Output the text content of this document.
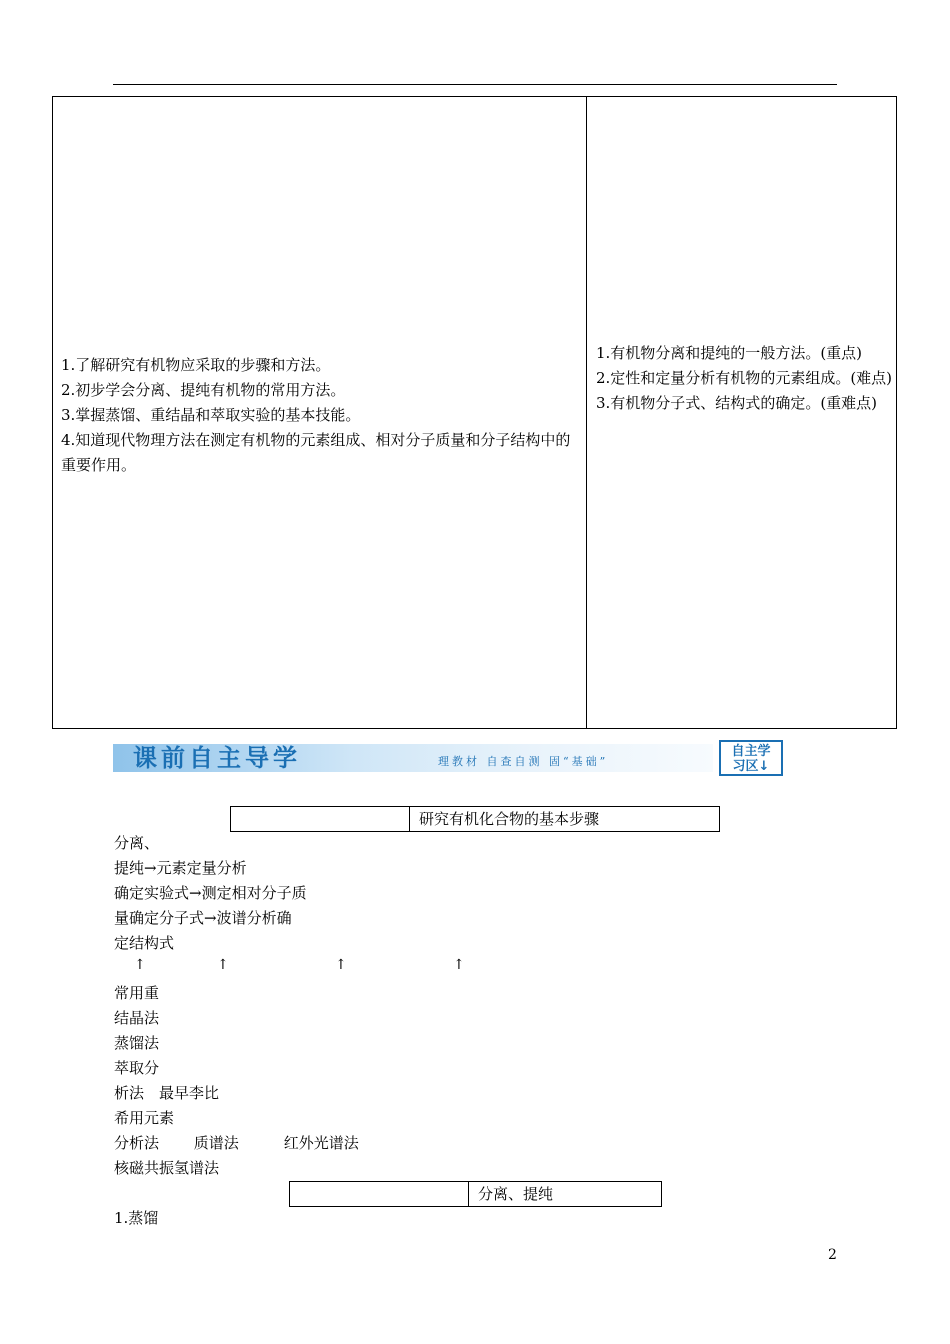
1.了解研究有机物应采取的步骤和方法。
2.初步学会分离、提纯有机物的常用方法。
3.掌握蒸馏、重结晶和萃取实验的基本技能。
4.知道现代物理方法在测定有机物的元素组成、相对分子质量和分子结构中的重要作用。
1.有机物分离和提纯的一般方法。(重点)
2.定性和定量分析有机物的元素组成。(难点)
3.有机物分子式、结构式的确定。(重难点)
课前自主导学	理教材 自查自测 固“基础”
自主学
习区↓
研究有机化合物的基本步骤
分离、
提纯→元素定量分析
确定实验式→测定相对分子质
量确定分子式→波谱分析确
定结构式
常用重
结晶法
蒸馏法
萃取分
析法　最早李比
希用元素
分析法　　 质谱法　　　红外光谱法
核磁共振氢谱法
↑	↑	↑	↑
分离、提纯
1.蒸馏
2
